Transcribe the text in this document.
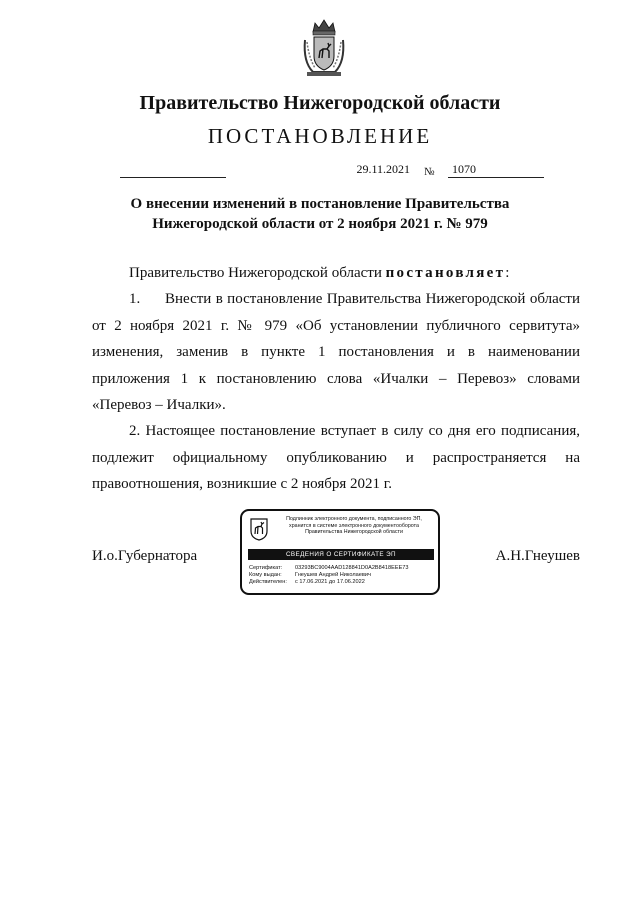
Правительство Нижегородской области
ПОСТАНОВЛЕНИЕ
29.11.2021 №	1070
О внесении изменений в постановление Правительства
Нижегородской области от 2 ноября 2021 г. № 979

Правительство Нижегородской области постановляет:

1. Внести в постановление Правительства Нижегородской области от 2 ноября 2021 г. № 979 «Об установлении публичного сервитута» изменения, заменив в пункте 1 постановления и в наименовании приложения 1 к постановлению слова «Ичалки – Перевоз» словами «Перевоз – Ичалки».

2. Настоящее постановление вступает в силу со дня его подписания, подлежит официальному опубликованию и распространяется на правоотношения, возникшие с 2 ноября 2021 г.

И.о.Губернатора	А.Н.Гнеушев
Подлинник электронного документа, подписанного ЭП,
хранится в системе электронного документооборота
Правительства Нижегородской области
СВЕДЕНИЯ О СЕРТИФИКАТЕ ЭП
Сертификат: 03293BC9004AAD128841D0A2B8418EEE73
Кому выдан: Гнеушев Андрей Николаевич
Действителен: с 17.06.2021 до 17.06.2022
